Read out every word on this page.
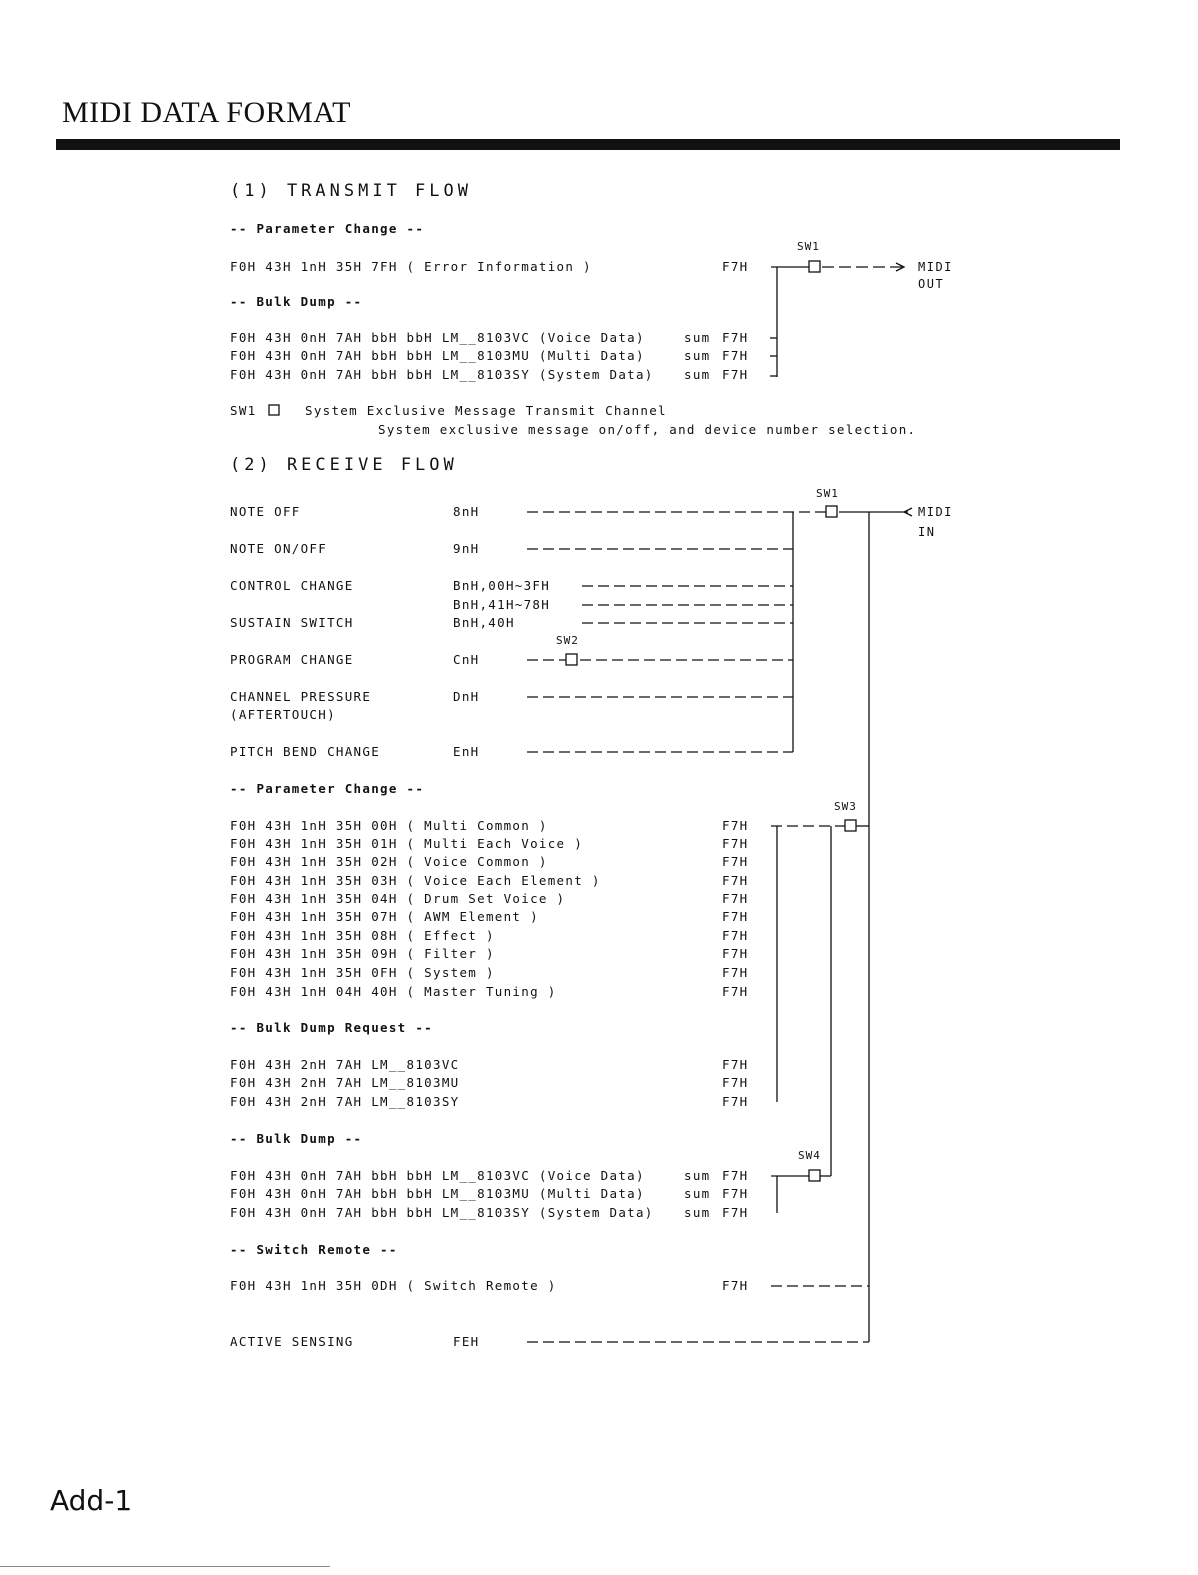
MIDI DATA FORMAT
(1) TRANSMIT FLOW
-- Parameter Change --
F0H 43H 1nH 35H 7FH ( Error Information )	F7H
-- Bulk Dump --
F0H 43H 0nH 7AH bbH bbH LM__8103VC (Voice Data)	sum F7H
F0H 43H 0nH 7AH bbH bbH LM__8103MU (Multi Data)	sum F7H
F0H 43H 0nH 7AH bbH bbH LM__8103SY (System Data) sum F7H
SW1
MIDI
OUT
SW1	System Exclusive Message Transmit Channel
System exclusive message on/off, and device number selection.
(2) RECEIVE FLOW
NOTE OFF	8nH
NOTE ON/OFF	9nH
CONTROL CHANGE	BnH,00H~3FH
BnH,41H~78H
SUSTAIN SWITCH	BnH,40H
PROGRAM CHANGE	CnH
CHANNEL PRESSURE	DnH
(AFTERTOUCH)
PITCH BEND CHANGE	EnH
SW1
SW2
SW3
SW4
MIDI
IN
-- Parameter Change --
F0H 43H 1nH 35H 00H ( Multi Common )	F7H
F0H 43H 1nH 35H 01H ( Multi Each Voice )	F7H
F0H 43H 1nH 35H 02H ( Voice Common )	F7H
F0H 43H 1nH 35H 03H ( Voice Each Element )	F7H
F0H 43H 1nH 35H 04H ( Drum Set Voice )	F7H
F0H 43H 1nH 35H 07H ( AWM Element )	F7H
F0H 43H 1nH 35H 08H ( Effect )	F7H
F0H 43H 1nH 35H 09H ( Filter )	F7H
F0H 43H 1nH 35H 0FH ( System )	F7H
F0H 43H 1nH 04H 40H ( Master Tuning )	F7H
-- Bulk Dump Request --
F0H 43H 2nH 7AH LM__8103VC	F7H
F0H 43H 2nH 7AH LM__8103MU	F7H
F0H 43H 2nH 7AH LM__8103SY	F7H
-- Bulk Dump --
F0H 43H 0nH 7AH bbH bbH LM__8103VC (Voice Data)	sum F7H
F0H 43H 0nH 7AH bbH bbH LM__8103MU (Multi Data)	sum F7H
F0H 43H 0nH 7AH bbH bbH LM__8103SY (System Data) sum F7H
-- Switch Remote --
F0H 43H 1nH 35H 0DH ( Switch Remote )	F7H
ACTIVE SENSING	FEH
Add-1
